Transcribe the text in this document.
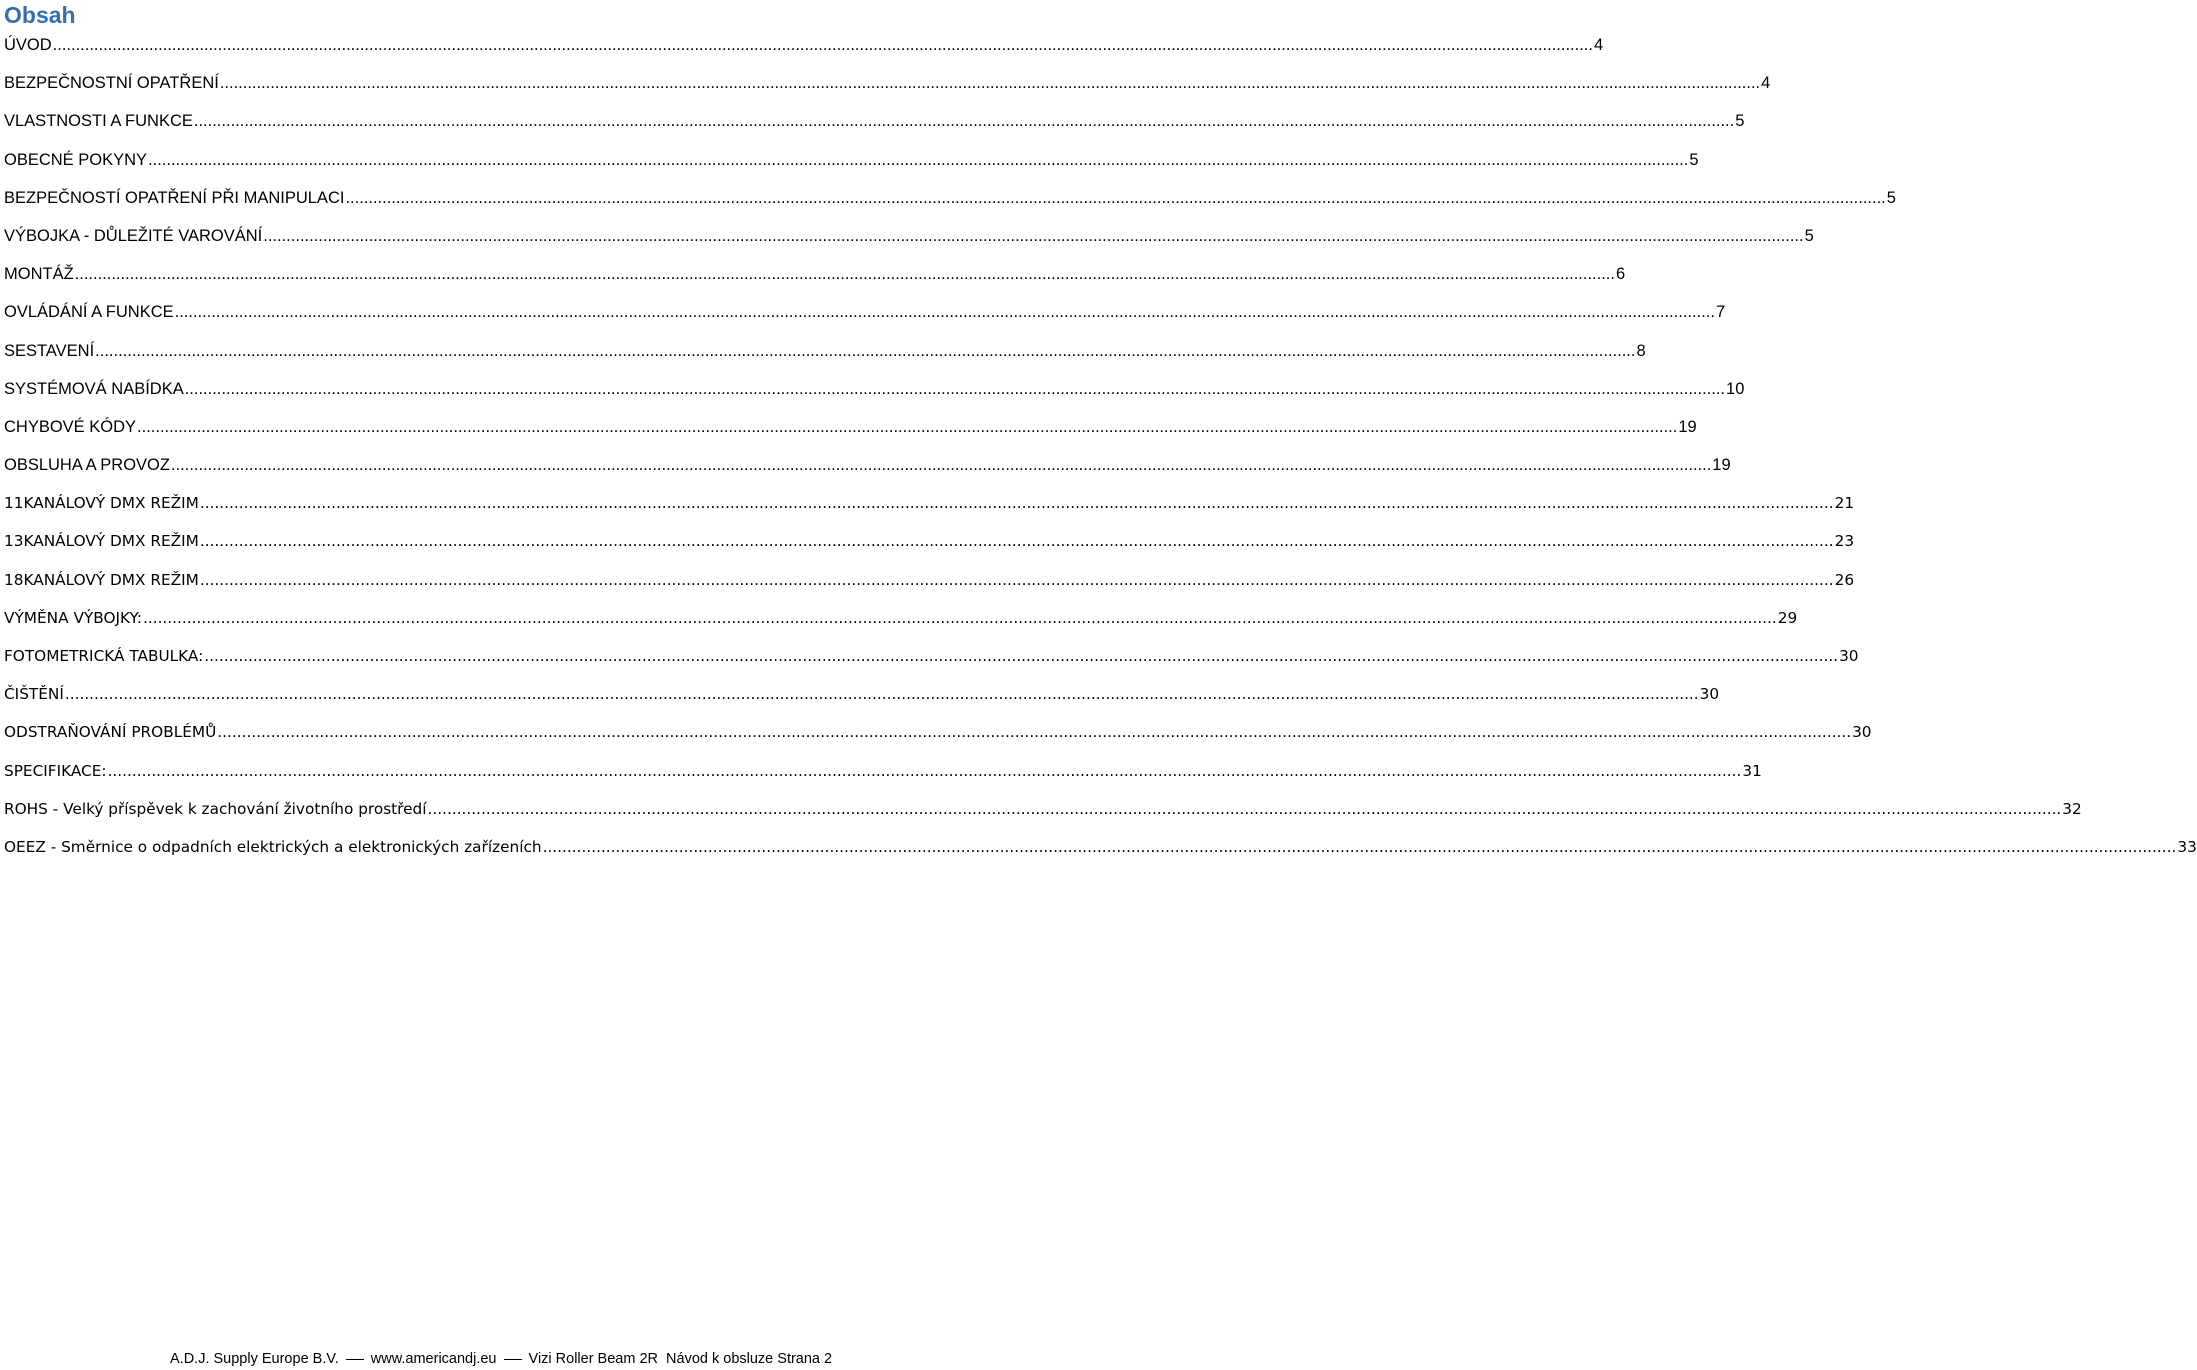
Obsah
ÚVOD .....	4
BEZPEČNOSTNÍ OPATŘENÍ .....	4
VLASTNOSTI A FUNKCE .....	5
OBECNÉ POKYNY .....	5
BEZPEČNOSTÍ OPATŘENÍ PŘI MANIPULACI .....	5
VÝBOJKA - DŮLEŽITÉ VAROVÁNÍ .....	5
MONTÁŽ .....	6
OVLÁDÁNÍ A FUNKCE .....	7
SESTAVENÍ .....	8
SYSTÉMOVÁ NABÍDKA .....	10
CHYBOVÉ KÓDY .....	19
OBSLUHA A PROVOZ .....	19
11KANÁLOVÝ DMX REŽIM .....	21
13KANÁLOVÝ DMX REŽIM .....	23
18KANÁLOVÝ DMX REŽIM .....	26
VÝMĚNA VÝBOJKY: .....	29
FOTOMETRICKÁ TABULKA: .....	30
ČIŠTĚNÍ .....	30
ODSTRAŇOVÁNÍ PROBLÉMŮ .....	30
SPECIFIKACE: .....	31
ROHS - Velký příspěvek k zachování životního prostředí .....	32
OEEZ - Směrnice o odpadních elektrických a elektronických zařízeních .....	33
A.D.J. Supply Europe B.V. www.americandj.eu Vizi Roller Beam 2R Návod k obsluze Strana 2
